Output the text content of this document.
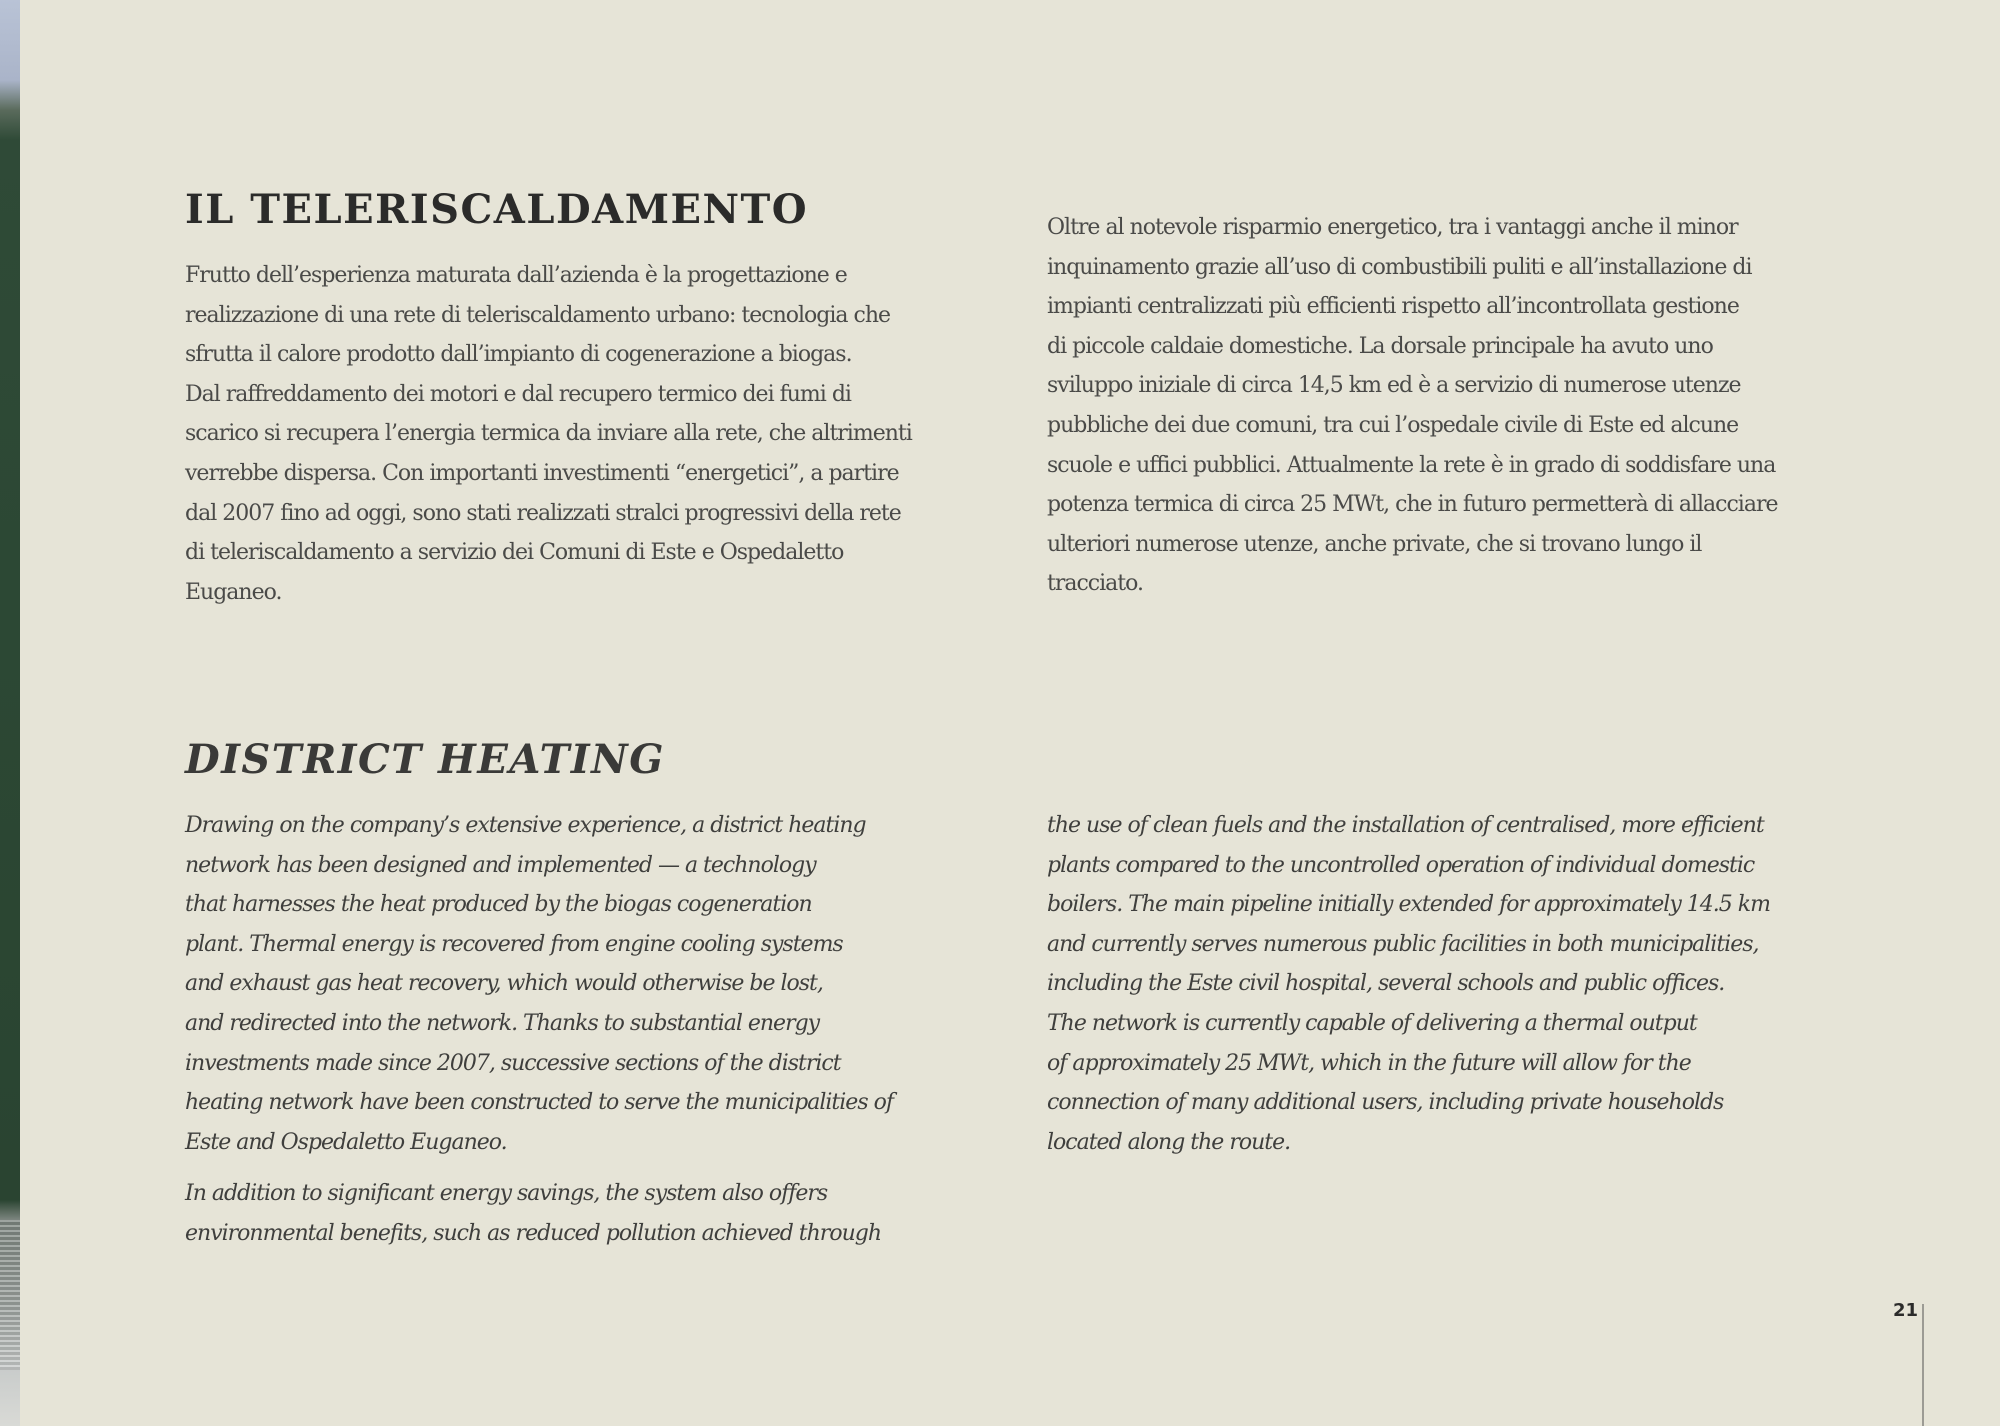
IL TELERISCALDAMENTO

Frutto dell’esperienza maturata dall’azienda è la progettazione e

realizzazione di una rete di teleriscaldamento urbano: tecnologia che

sfrutta il calore prodotto dall’impianto di cogenerazione a biogas.

Dal raffreddamento dei motori e dal recupero termico dei fumi di

scarico si recupera l’energia termica da inviare alla rete, che altrimenti

verrebbe dispersa. Con importanti investimenti “energetici”, a partire

dal 2007 fino ad oggi, sono stati realizzati stralci progressivi della rete

di teleriscaldamento a servizio dei Comuni di Este e Ospedaletto

Euganeo.

Oltre al notevole risparmio energetico, tra i vantaggi anche il minor

inquinamento grazie all’uso di combustibili puliti e all’installazione di

impianti centralizzati più efficienti rispetto all’incontrollata gestione

di piccole caldaie domestiche. La dorsale principale ha avuto uno

sviluppo iniziale di circa 14,5 km ed è a servizio di numerose utenze

pubbliche dei due comuni, tra cui l’ospedale civile di Este ed alcune

scuole e uffici pubblici. Attualmente la rete è in grado di soddisfare una

potenza termica di circa 25 MWt, che in futuro permetterà di allacciare

ulteriori numerose utenze, anche private, che si trovano lungo il

tracciato.

DISTRICT HEATING

Drawing on the company’s extensive experience, a district heating

network has been designed and implemented — a technology

that harnesses the heat produced by the biogas cogeneration

plant. Thermal energy is recovered from engine cooling systems

and exhaust gas heat recovery, which would otherwise be lost,

and redirected into the network. Thanks to substantial energy

investments made since 2007, successive sections of the district

heating network have been constructed to serve the municipalities of

Este and Ospedaletto Euganeo.

In addition to significant energy savings, the system also offers

environmental benefits, such as reduced pollution achieved through

the use of clean fuels and the installation of centralised, more efficient

plants compared to the uncontrolled operation of individual domestic

boilers. The main pipeline initially extended for approximately 14.5 km

and currently serves numerous public facilities in both municipalities,

including the Este civil hospital, several schools and public offices.

The network is currently capable of delivering a thermal output

of approximately 25 MWt, which in the future will allow for the

connection of many additional users, including private households

located along the route.

21
